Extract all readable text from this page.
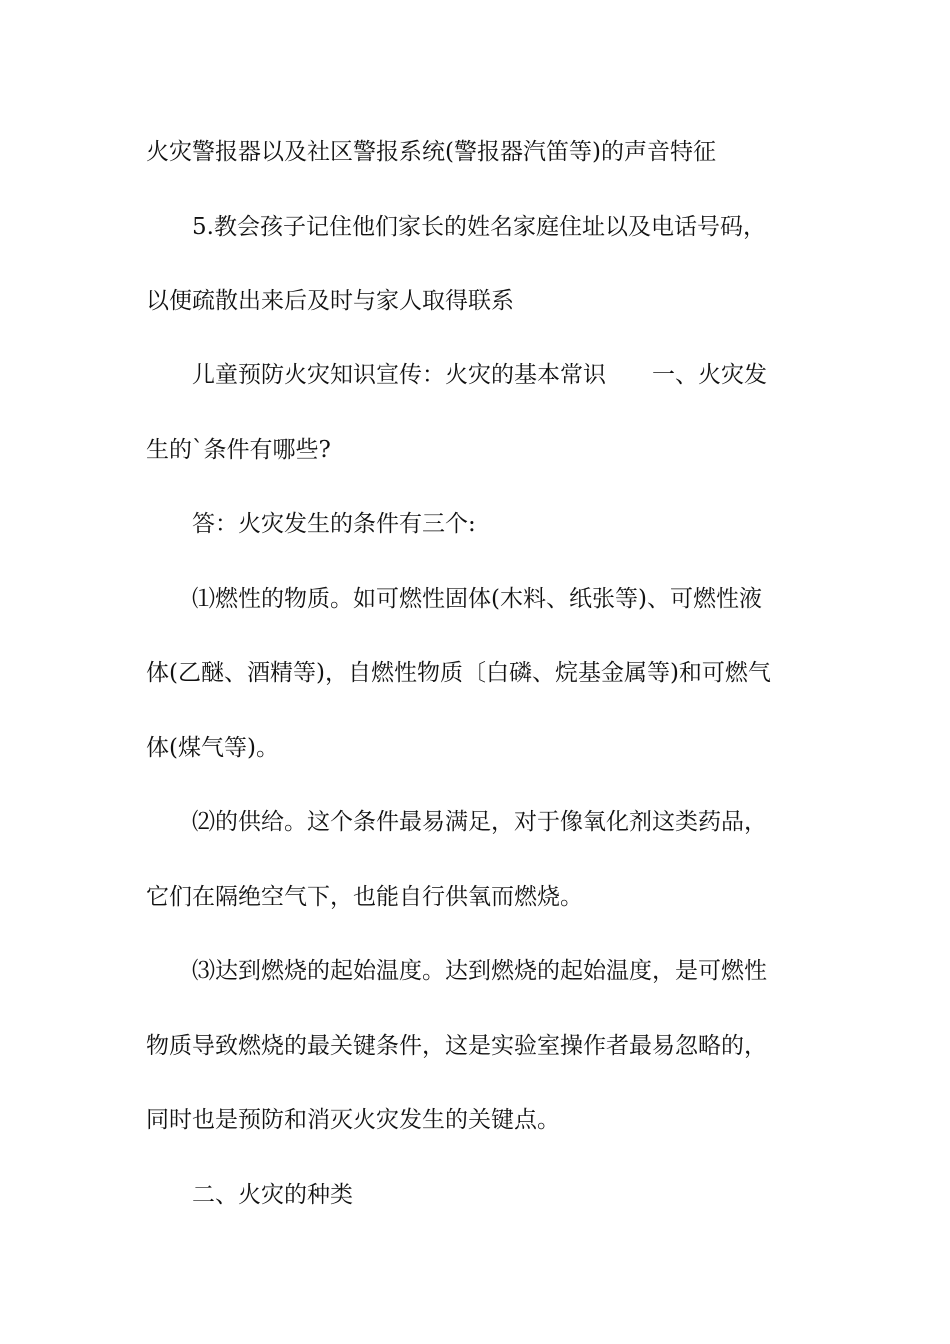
火灾警报器以及社区警报系统(警报器汽笛等)的声音特征
5.教会孩子记住他们家长的姓名家庭住址以及电话号码，
以便疏散出来后及时与家人取得联系
儿童预防火灾知识宣传：火灾的基本常识　　一、火灾发
生的`条件有哪些?
答：火灾发生的条件有三个:
⑴燃性的物质。如可燃性固体(木料、纸张等)、可燃性液
体(乙醚、酒精等)，自燃性物质〔白磷、烷基金属等)和可燃气
体(煤气等)。
⑵的供给。这个条件最易满足，对于像氧化剂这类药品，
它们在隔绝空气下，也能自行供氧而燃烧。
⑶达到燃烧的起始温度。达到燃烧的起始温度，是可燃性
物质导致燃烧的最关键条件，这是实验室操作者最易忽略的，
同时也是预防和消灭火灾发生的关键点。
二、火灾的种类
